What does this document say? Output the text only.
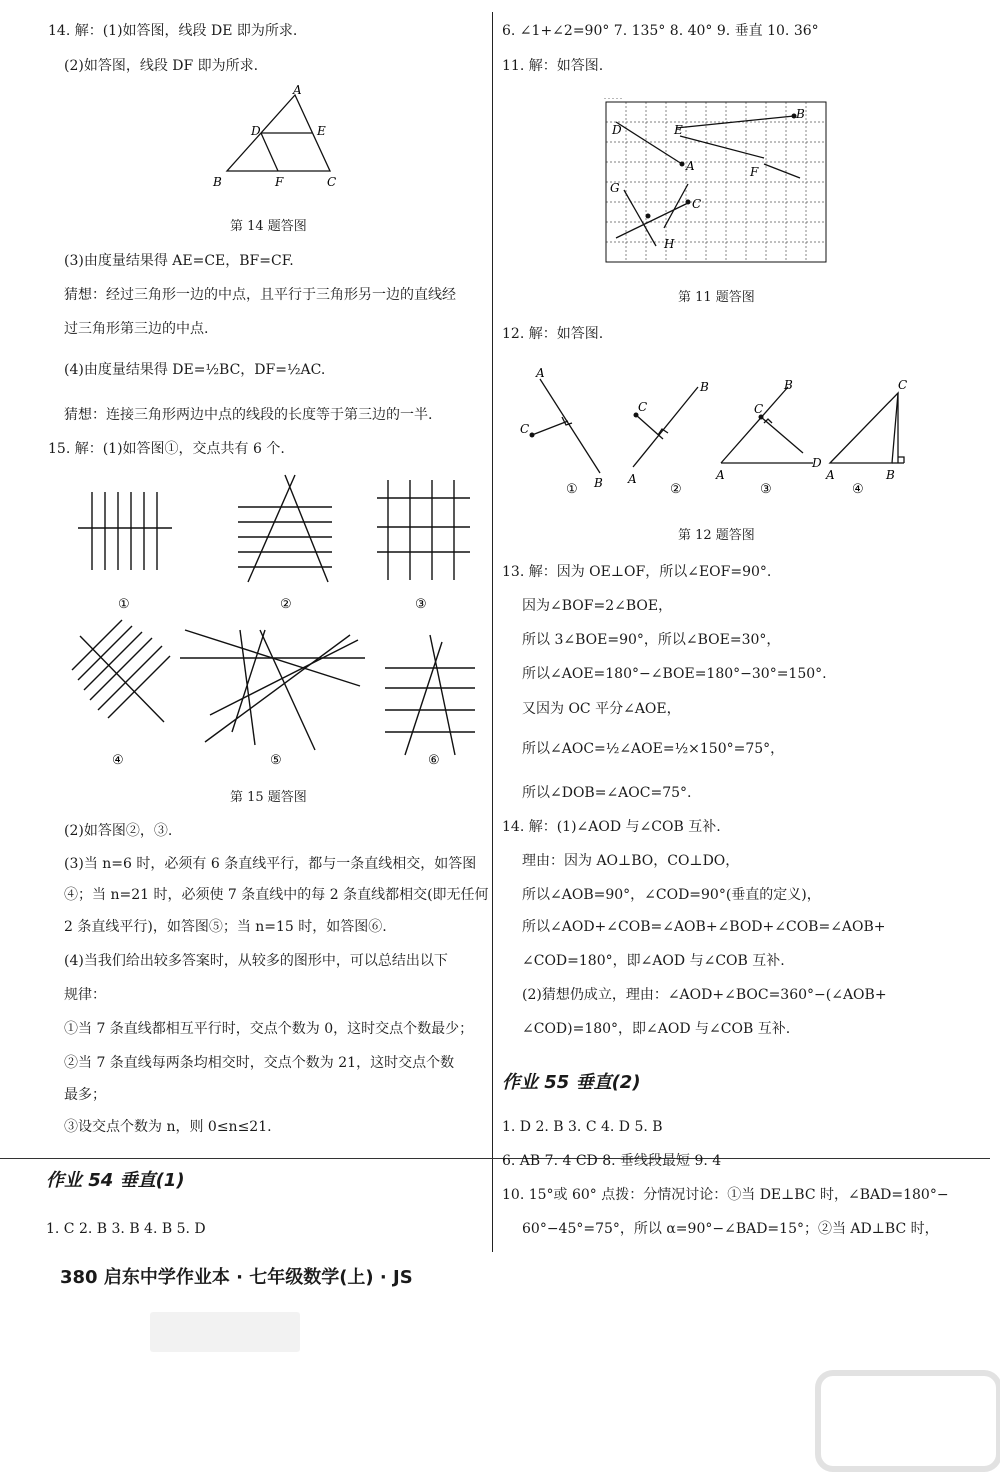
14. 解：(1)如答图，线段 DE 即为所求.
(2)如答图，线段 DF 即为所求.
A
D	E
B	F	C
第 14 题答图
(3)由度量结果得 AE=CE，BF=CF.
猜想：经过三角形一边的中点，且平行于三角形另一边的直线经
过三角形第三边的中点.
(4)由度量结果得 DE=½BC，DF=½AC.
猜想：连接三角形两边中点的线段的长度等于第三边的一半.
15. 解：(1)如答图①，交点共有 6 个.
①	②	③
④	⑤	⑥
第 15 题答图
(2)如答图②，③.
(3)当 n=6 时，必须有 6 条直线平行，都与一条直线相交，如答图
④；当 n=21 时，必须使 7 条直线中的每 2 条直线都相交(即无任何
2 条直线平行)，如答图⑤；当 n=15 时，如答图⑥.
(4)当我们给出较多答案时，从较多的图形中，可以总结出以下
规律：
①当 7 条直线都相互平行时，交点个数为 0，这时交点个数最少；
②当 7 条直线每两条均相交时，交点个数为 21，这时交点个数
最多；
③设交点个数为 n，则 0≤n≤21.
作业 54 垂直(1)
1. C 2. B 3. B 4. B 5. D
6. ∠1+∠2=90° 7. 135° 8. 40° 9. 垂直 10. 36°
11. 解：如答图.
D	E
B
A	F
G
C
H
第 11 题答图
12. 解：如答图.
A
C
B
B
C
A
B
C
A
D
C
A	B
①	②	③	④
第 12 题答图
13. 解：因为 OE⊥OF，所以∠EOF=90°.
因为∠BOF=2∠BOE，
所以 3∠BOE=90°，所以∠BOE=30°，
所以∠AOE=180°−∠BOE=180°−30°=150°.
又因为 OC 平分∠AOE，
所以∠AOC=½∠AOE=½×150°=75°，
所以∠DOB=∠AOC=75°.
14. 解：(1)∠AOD 与∠COB 互补.
理由：因为 AO⊥BO，CO⊥DO，
所以∠AOB=90°，∠COD=90°(垂直的定义)，
所以∠AOD+∠COB=∠AOB+∠BOD+∠COB=∠AOB+
∠COD=180°，即∠AOD 与∠COB 互补.
(2)猜想仍成立，理由：∠AOD+∠BOC=360°−(∠AOB+
∠COD)=180°，即∠AOD 与∠COB 互补.
作业 55 垂直(2)
1. D 2. B 3. C 4. D 5. B
6. AB 7. 4 CD 8. 垂线段最短 9. 4
10. 15°或 60° 点拨：分情况讨论：①当 DE⊥BC 时，∠BAD=180°−
60°−45°=75°，所以 α=90°−∠BAD=15°；②当 AD⊥BC 时，
380 启东中学作业本 · 七年级数学(上) · JS
